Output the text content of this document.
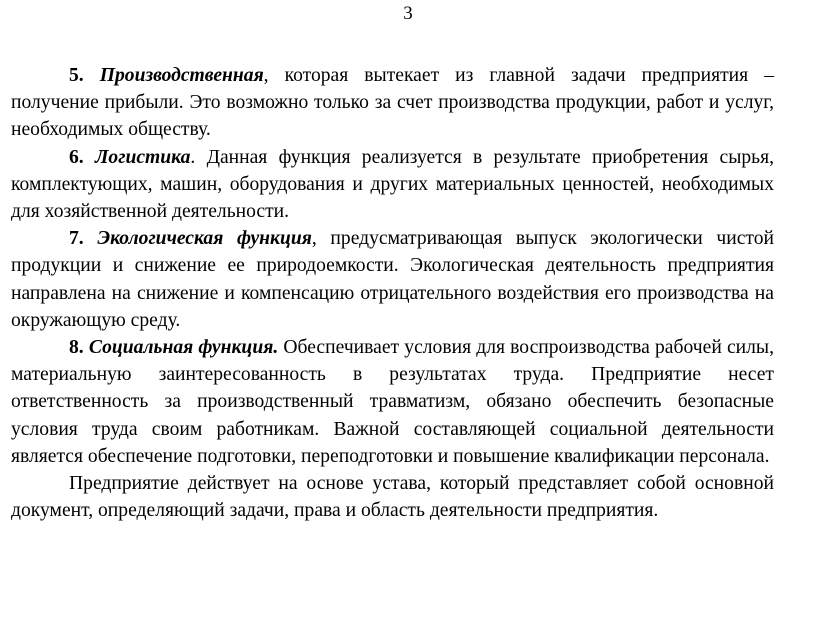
3

5. Производственная, которая вытекает из главной задачи предприятия – получение прибыли. Это возможно только за счет производства продукции, работ и услуг, необходимых обществу.

6. Логистика. Данная функция реализуется в результате приобретения сырья, комплектующих, машин, оборудования и других материальных ценностей, необходимых для хозяйственной деятельности.

7. Экологическая функция, предусматривающая выпуск экологически чистой продукции и снижение ее природоемкости. Экологическая деятельность предприятия направлена на снижение и компенсацию отрицательного воздействия его производства на окружающую среду.

8. Социальная функция. Обеспечивает условия для воспроизводства рабочей силы, материальную заинтересованность в результатах труда. Предприятие несет ответственность за производственный травматизм, обязано обеспечить безопасные условия труда своим работникам. Важной составляющей социальной деятельности является обеспечение подготовки, переподготовки и повышение квалификации персонала.

Предприятие действует на основе устава, который представляет собой основной документ, определяющий задачи, права и область деятельности предприятия.
